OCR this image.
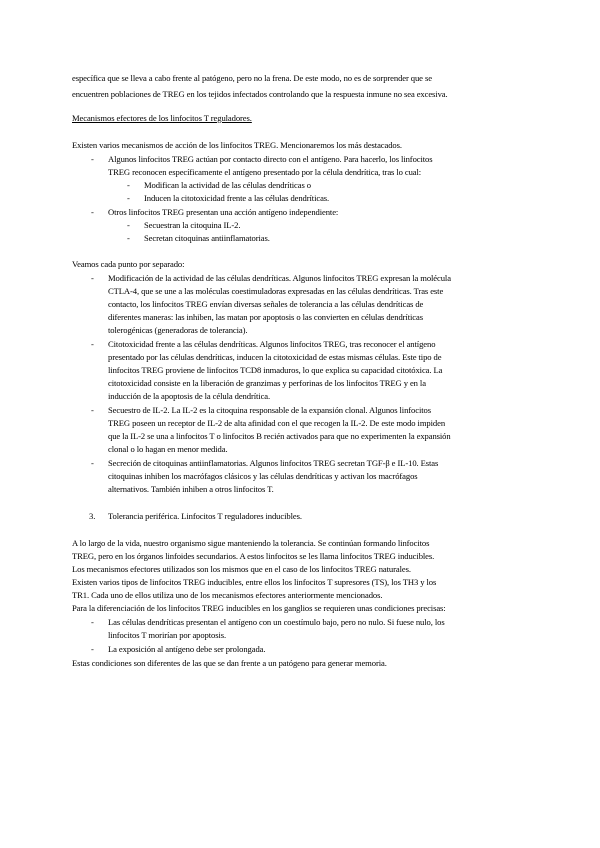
específica que se lleva a cabo frente al patógeno, pero no la frena. De este modo, no es de sorprender que se
encuentren poblaciones de TREG en los tejidos infectados controlando que la respuesta inmune no sea excesiva.
Mecanismos efectores de los linfocitos T reguladores.
Existen varios mecanismos de acción de los linfocitos TREG. Mencionaremos los más destacados.
- Algunos linfocitos TREG actúan por contacto directo con el antígeno. Para hacerlo, los linfocitos
TREG reconocen específicamente el antígeno presentado por la célula dendrítica, tras lo cual:
- Modifican la actividad de las células dendríticas o
- Inducen la citotoxicidad frente a las células dendríticas.
- Otros linfocitos TREG presentan una acción antígeno independiente:
- Secuestran la citoquina IL-2.
- Secretan citoquinas antiinflamatorias.
Veamos cada punto por separado:
- Modificación de la actividad de las células dendríticas. Algunos linfocitos TREG expresan la molécula
CTLA-4, que se une a las moléculas coestimuladoras expresadas en las células dendríticas. Tras este
contacto, los linfocitos TREG envían diversas señales de tolerancia a las células dendríticas de
diferentes maneras: las inhiben, las matan por apoptosis o las convierten en células dendríticas
tolerogénicas (generadoras de tolerancia).
- Citotoxicidad frente a las células dendríticas. Algunos linfocitos TREG, tras reconocer el antígeno
presentado por las células dendríticas, inducen la citotoxicidad de estas mismas células. Este tipo de
linfocitos TREG proviene de linfocitos TCD8 inmaduros, lo que explica su capacidad citotóxica. La
citotoxicidad consiste en la liberación de granzimas y perforinas de los linfocitos TREG y en la
inducción de la apoptosis de la célula dendrítica.
- Secuestro de IL-2. La IL-2 es la citoquina responsable de la expansión clonal. Algunos linfocitos
TREG poseen un receptor de IL-2 de alta afinidad con el que recogen la IL-2. De este modo impiden
que la IL-2 se una a linfocitos T o linfocitos B recién activados para que no experimenten la expansión
clonal o lo hagan en menor medida.
- Secreción de citoquinas antiinflamatorias. Algunos linfocitos TREG secretan TGF-β e IL-10. Estas
citoquinas inhiben los macrófagos clásicos y las células dendríticas y activan los macrófagos
alternativos. También inhiben a otros linfocitos T.
3. Tolerancia periférica. Linfocitos T reguladores inducibles.
A lo largo de la vida, nuestro organismo sigue manteniendo la tolerancia. Se continúan formando linfocitos
TREG, pero en los órganos linfoides secundarios. A estos linfocitos se les llama linfocitos TREG inducibles.
Los mecanismos efectores utilizados son los mismos que en el caso de los linfocitos TREG naturales.
Existen varios tipos de linfocitos TREG inducibles, entre ellos los linfocitos T supresores (TS), los TH3 y los
TR1. Cada uno de ellos utiliza uno de los mecanismos efectores anteriormente mencionados.
Para la diferenciación de los linfocitos TREG inducibles en los ganglios se requieren unas condiciones precisas:
- Las células dendríticas presentan el antígeno con un coestímulo bajo, pero no nulo. Si fuese nulo, los
linfocitos T morirían por apoptosis.
- La exposición al antígeno debe ser prolongada.
Estas condiciones son diferentes de las que se dan frente a un patógeno para generar memoria.
